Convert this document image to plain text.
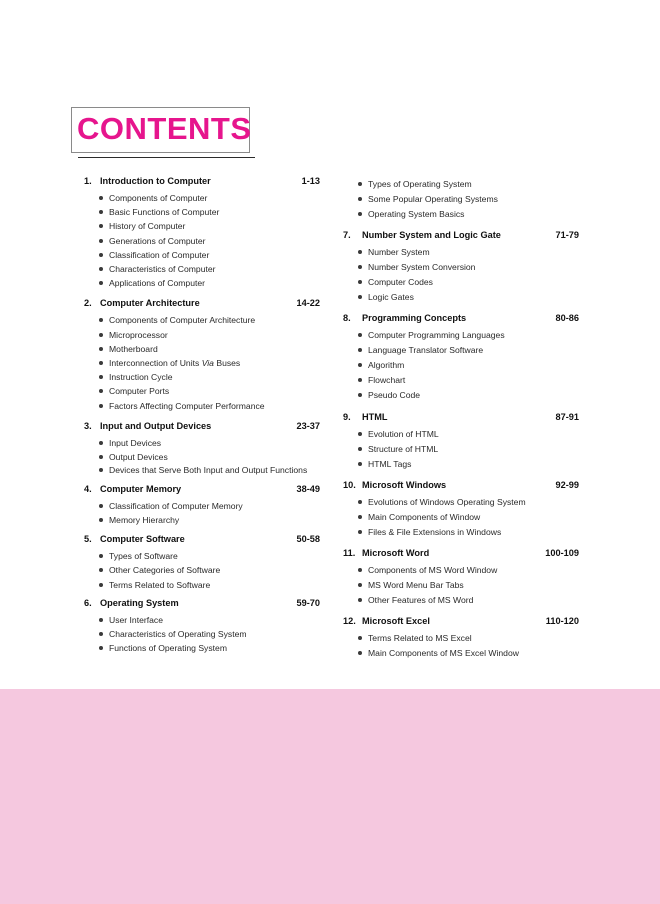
CONTENTS
1. Introduction to Computer	1-13
Components of Computer
Basic Functions of Computer
History of Computer
Generations of Computer
Classification of Computer
Characteristics of Computer
Applications of Computer
2. Computer Architecture	14-22
Components of Computer Architecture
Microprocessor
Motherboard
Interconnection of Units Via Buses
Instruction Cycle
Computer Ports
Factors Affecting Computer Performance
3. Input and Output Devices	23-37
Input Devices
Output Devices
Devices that Serve Both Input and Output Functions
4. Computer Memory	38-49
Classification of Computer Memory
Memory Hierarchy
5. Computer Software	50-58
Types of Software
Other Categories of Software
Terms Related to Software
6. Operating System	59-70
User Interface
Characteristics of Operating System
Functions of Operating System
Types of Operating System
Some Popular Operating Systems
Operating System Basics
7. Number System and Logic Gate	71-79
Number System
Number System Conversion
Computer Codes
Logic Gates
8. Programming Concepts	80-86
Computer Programming Languages
Language Translator Software
Algorithm
Flowchart
Pseudo Code
9. HTML	87-91
Evolution of HTML
Structure of HTML
HTML Tags
10. Microsoft Windows	92-99
Evolutions of Windows Operating System
Main Components of Window
Files & File Extensions in Windows
11. Microsoft Word	100-109
Components of MS Word Window
MS Word Menu Bar Tabs
Other Features of MS Word
12. Microsoft Excel	110-120
Terms Related to MS Excel
Main Components of MS Excel Window
